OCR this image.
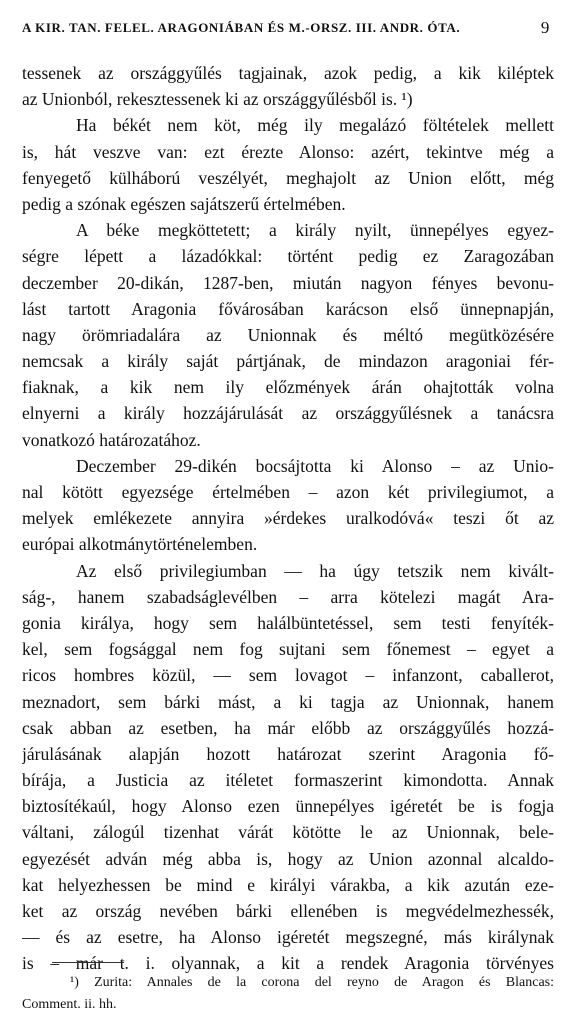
A KIR. TAN. FELEL. ARAGONIÁBAN ÉS M.-ORSZ. III. ANDR. ÓTA.	9
tessenek az országgyűlés tagjainak, azok pedig, a kik kiléptek
az Unionból, rekesztessenek ki az országgyűlésből is. ¹)
Ha békét nem köt, még ily megalázó föltételek mellett
is, hát veszve van: ezt érezte Alonso: azért, tekintve még a
fenyegető külháború veszélyét, meghajolt az Union előtt, még
pedig a szónak egészen sajátszerű értelmében.
A béke megköttetett; a király nyilt, ünnepélyes egyez-
ségre lépett a lázadókkal: történt pedig ez Zaragozában
deczember 20-dikán, 1287-ben, miután nagyon fényes bevonu-
lást tartott Aragonia fővárosában karácson első ünnepnapján,
nagy örömriadalára az Unionnak és méltó megütközésére
nemcsak a király saját pártjának, de mindazon aragoniai fér-
fiaknak, a kik nem ily előzmények árán ohajtották volna
elnyerni a király hozzájárulását az országgyűlésnek a tanácsra
vonatkozó határozatához.
Deczember 29-dikén bocsájtotta ki Alonso – az Unio-
nal kötött egyezsége értelmében – azon két privilegiumot, a
melyek emlékezete annyira »érdekes uralkodóvá« teszi őt az
európai alkotmánytörténelemben.
Az első privilegiumban — ha úgy tetszik nem kivált-
ság-, hanem szabadságlevélben – arra kötelezi magát Ara-
gonia királya, hogy sem halálbüntetéssel, sem testi fenyíték-
kel, sem fogsággal nem fog sujtani sem főnemest – egyet a
ricos hombres közül, — sem lovagot – infanzont, caballerot,
meznadort, sem bárki mást, a ki tagja az Unionnak, hanem
csak abban az esetben, ha már előbb az országgyűlés hozzá-
járulásának alapján hozott határozat szerint Aragonia fő-
bírája, a Justicia az itéletet formaszerint kimondotta. Annak
biztosítékaúl, hogy Alonso ezen ünnepélyes igéretét be is fogja
váltani, zálogúl tizenhat várát kötötte le az Unionnak, bele-
egyezését adván még abba is, hogy az Union azonnal alcaldo-
kat helyezhessen be mind e királyi várakba, a kik azután eze-
ket az ország nevében bárki ellenében is megvédelmezhessék,
— és az esetre, ha Alonso igéretét megszegné, más királynak
is – már t. i. olyannak, a kit a rendek Aragonia törvényes
¹) Zurita: Annales de la corona del reyno de Aragon és Blancas:
Comment. ii. hh.
